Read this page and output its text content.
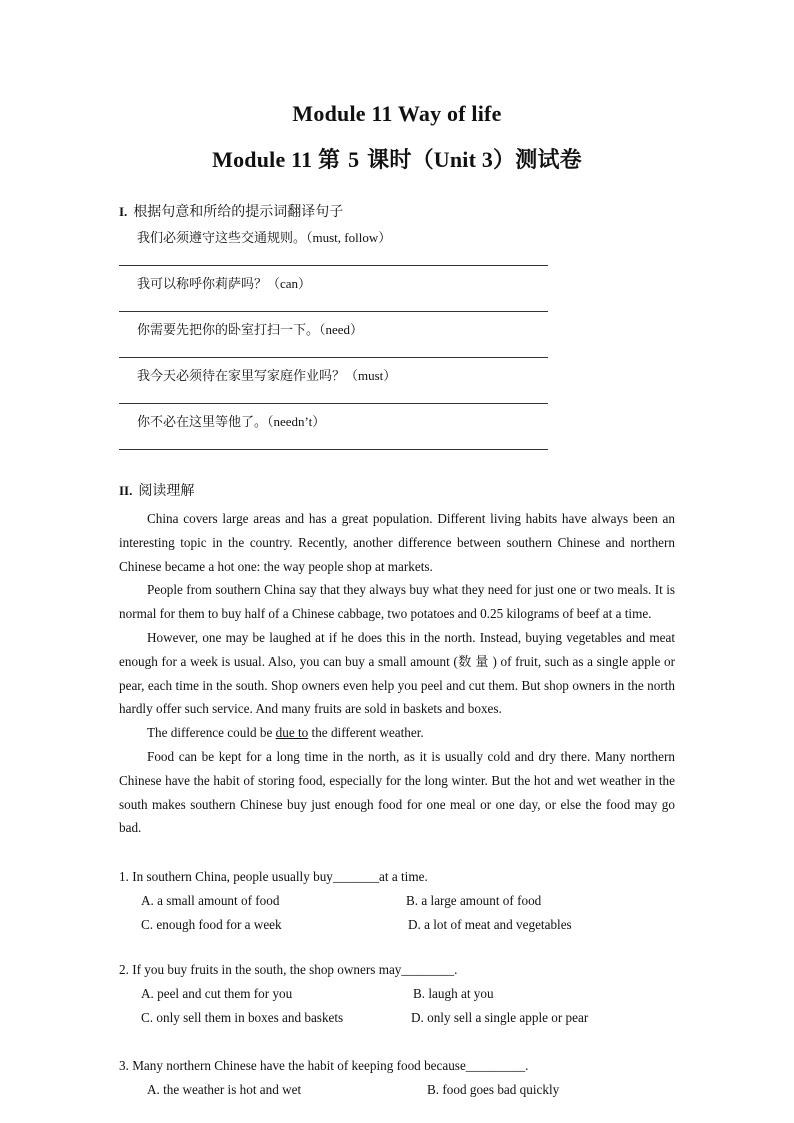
Module 11 Way of life
Module 11 第 5 课时（Unit 3）测试卷
I. 根据句意和所给的提示词翻译句子
我们必须遵守这些交通规则。（must, follow）
我可以称呼你莉萨吗？（can）
你需要先把你的卧室打扫一下。（need）
我今天必须待在家里写家庭作业吗？（must）
你不必在这里等他了。（needn’t）
II. 阅读理解

China covers large areas and has a great population. Different living habits have always been an interesting topic in the country. Recently, another difference between southern Chinese and northern Chinese became a hot one: the way people shop at markets.

People from southern China say that they always buy what they need for just one or two meals. It is normal for them to buy half of a Chinese cabbage, two potatoes and 0.25 kilograms of beef at a time.

However, one may be laughed at if he does this in the north. Instead, buying vegetables and meat enough for a week is usual. Also, you can buy a small amount (数 量 ) of fruit, such as a single apple or pear, each time in the south. Shop owners even help you peel and cut them. But shop owners in the north hardly offer such service. And many fruits are sold in baskets and boxes.

The difference could be due to the different weather.

Food can be kept for a long time in the north, as it is usually cold and dry there. Many northern Chinese have the habit of storing food, especially for the long winter. But the hot and wet weather in the south makes southern Chinese buy just enough food for one meal or one day, or else the food may go bad.

1. In southern China, people usually buy_______at a time.

A. a small amount of food	B. a large amount of food
C. enough food for a week	D. a lot of meat and vegetables

2. If you buy fruits in the south, the shop owners may________.

A. peel and cut them for you	B. laugh at you
C. only sell them in boxes and baskets	D. only sell a single apple or pear

3. Many northern Chinese have the habit of keeping food because_________.

A. the weather is hot and wet	B. food goes bad quickly
